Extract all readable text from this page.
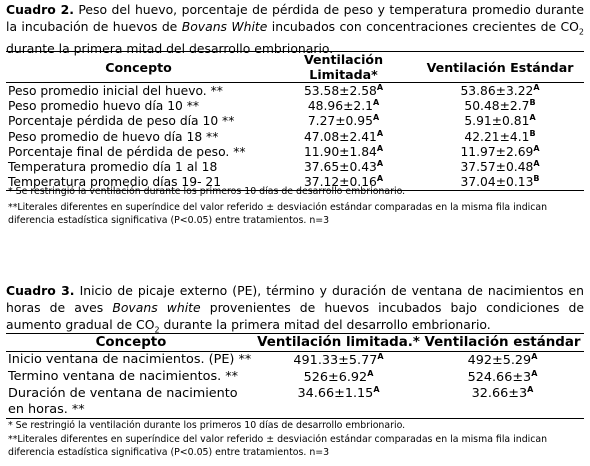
Cuadro 2. Peso del huevo, porcentaje de pérdida de peso y temperatura promedio durante la incubación de huevos de Bovans White incubados con concentraciones crecientes de $CO_2$ durante la primera mitad del desarrollo embrionario.
Concepto	Ventilación Limitada*	Ventilación Estándar
Peso promedio inicial del huevo. **	$53.58\pm 2.58^A$	$53.86\pm 3.22^A$
Peso promedio huevo día 10 **	$48.96\pm 2.1^A$	$50.48\pm 2.7^B$
Porcentaje pérdida de peso día 10 **	$7.27\pm 0.95^A$	$5.91\pm 0.81^A$
Peso promedio de huevo día 18 **	$47.08\pm 2.41^A$	$42.21\pm 4.1^B$
Porcentaje final de pérdida de peso. **	$11.90\pm 1.84^A$	$11.97\pm 2.69^A$
Temperatura promedio día 1 al 18	$37.65\pm 0.43^A$	$37.57\pm 0.48^A$
Temperatura promedio días 19- 21	$37.12\pm 0.16^A$	$37.04\pm 0.13^B$
* Se restringió la ventilación durante los primeros 10 días de desarrollo embrionario.
**Literales diferentes en superíndice del valor referido ± desviación estándar comparadas en la misma fila indican diferencia estadística significativa (P<0.05) entre tratamientos. n=3
Cuadro 3. Inicio de picaje externo (PE), término y duración de ventana de nacimientos en horas de aves Bovans white provenientes de huevos incubados bajo condiciones de aumento gradual de $CO_2$ durante la primera mitad del desarrollo embrionario.
Concepto	Ventilación limitada.*	Ventilación estándar
Inicio ventana de nacimientos. (PE) **	$491.33\pm 5.77^A$	$492\pm 5.29^A$
Termino ventana de nacimientos. **	$526\pm 6.92^A$	$524.66\pm 3^A$
Duración de ventana de nacimiento en horas. **	$34.66\pm 1.15^A$	$32.66\pm 3^A$
* Se restringió la ventilación durante los primeros 10 días de desarrollo embrionario.
**Literales diferentes en superíndice del valor referido ± desviación estándar comparadas en la misma fila indican diferencia estadística significativa (P<0.05) entre tratamientos. n=3
